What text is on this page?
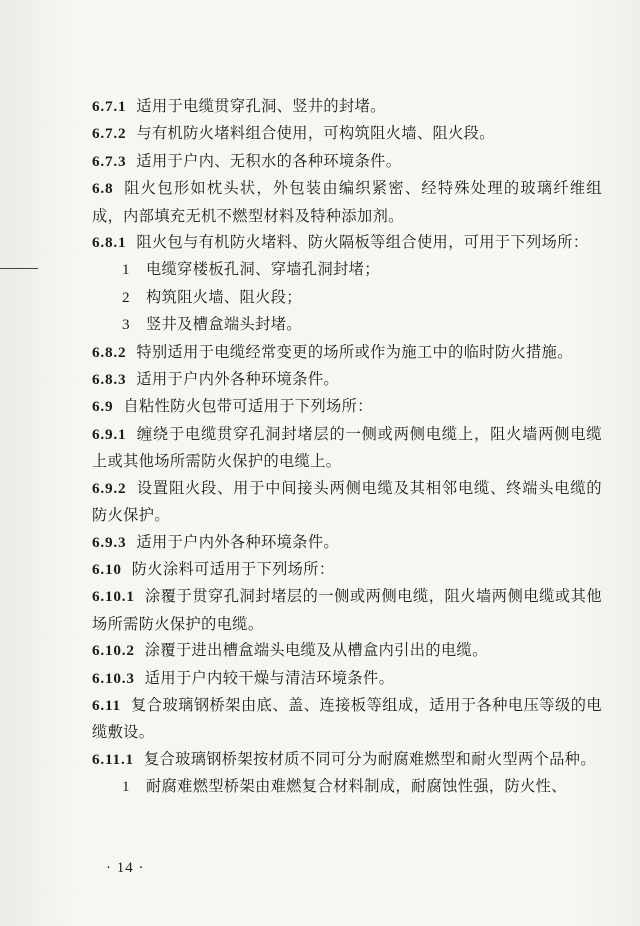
6.7.1 适用于电缆贯穿孔洞、竖井的封堵。

6.7.2 与有机防火堵料组合使用，可构筑阻火墙、阻火段。

6.7.3 适用于户内、无积水的各种环境条件。

6.8 阻火包形如枕头状，外包装由编织紧密、经特殊处理的玻璃纤维组成，内部填充无机不燃型材料及特种添加剂。

6.8.1 阻火包与有机防火堵料、防火隔板等组合使用，可用于下列场所：

1 电缆穿楼板孔洞、穿墙孔洞封堵；

2 构筑阻火墙、阻火段；

3 竖井及槽盒端头封堵。

6.8.2 特别适用于电缆经常变更的场所或作为施工中的临时防火措施。

6.8.3 适用于户内外各种环境条件。

6.9 自粘性防火包带可适用于下列场所：

6.9.1 缠绕于电缆贯穿孔洞封堵层的一侧或两侧电缆上，阻火墙两侧电缆上或其他场所需防火保护的电缆上。

6.9.2 设置阻火段、用于中间接头两侧电缆及其相邻电缆、终端头电缆的防火保护。

6.9.3 适用于户内外各种环境条件。

6.10 防火涂料可适用于下列场所：

6.10.1 涂覆于贯穿孔洞封堵层的一侧或两侧电缆，阻火墙两侧电缆或其他场所需防火保护的电缆。

6.10.2 涂覆于进出槽盒端头电缆及从槽盒内引出的电缆。

6.10.3 适用于户内较干燥与清洁环境条件。

6.11 复合玻璃钢桥架由底、盖、连接板等组成，适用于各种电压等级的电缆敷设。

6.11.1 复合玻璃钢桥架按材质不同可分为耐腐难燃型和耐火型两个品种。

1 耐腐难燃型桥架由难燃复合材料制成，耐腐蚀性强，防火性、

· 14 ·
